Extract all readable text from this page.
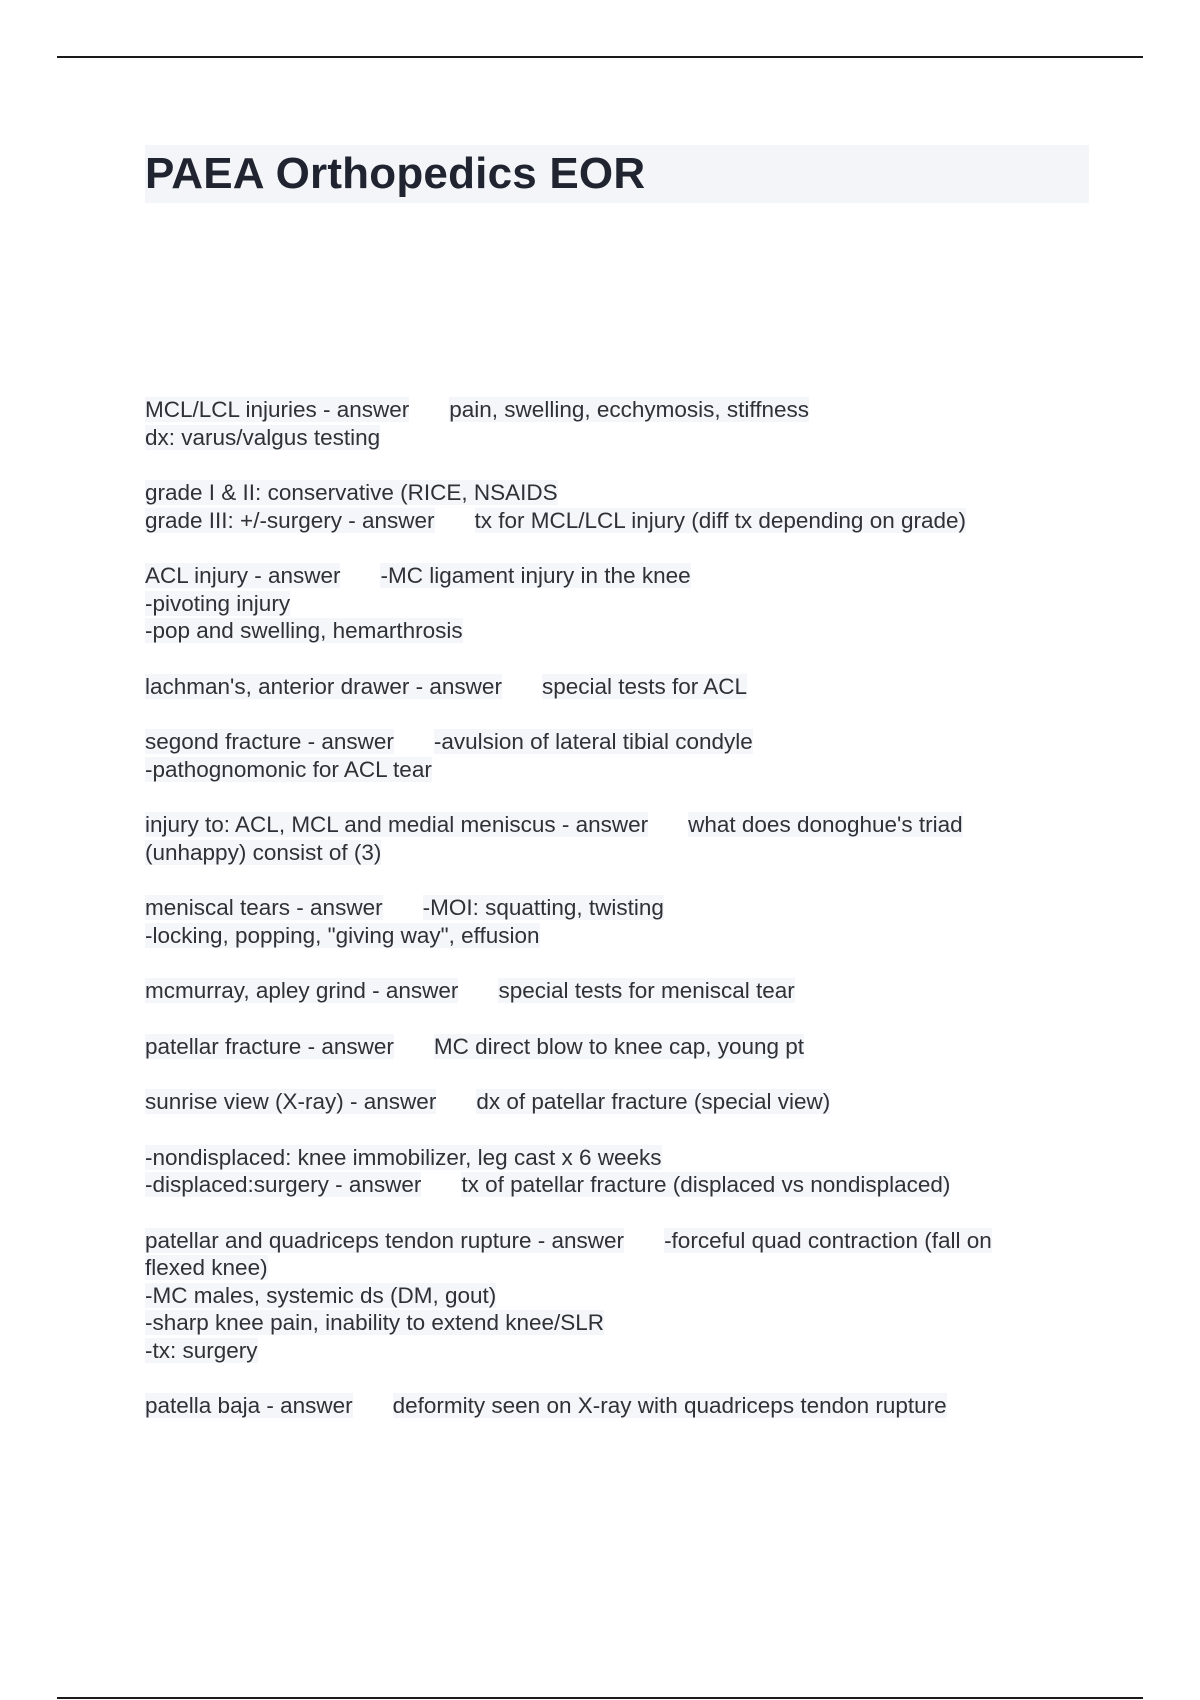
PAEA Orthopedics EOR
MCL/LCL injuries - answer pain, swelling, ecchymosis, stiffness
dx: varus/valgus testing
grade I & II: conservative (RICE, NSAIDS
grade III: +/-surgery - answer tx for MCL/LCL injury (diff tx depending on grade)
ACL injury - answer -MC ligament injury in the knee
-pivoting injury
-pop and swelling, hemarthrosis
lachman's, anterior drawer - answer special tests for ACL
segond fracture - answer -avulsion of lateral tibial condyle
-pathognomonic for ACL tear
injury to: ACL, MCL and medial meniscus - answer what does donoghue's triad
(unhappy) consist of (3)
meniscal tears - answer -MOI: squatting, twisting
-locking, popping, "giving way", effusion
mcmurray, apley grind - answer special tests for meniscal tear
patellar fracture - answer MC direct blow to knee cap, young pt
sunrise view (X-ray) - answer dx of patellar fracture (special view)
-nondisplaced: knee immobilizer, leg cast x 6 weeks
-displaced:surgery - answer tx of patellar fracture (displaced vs nondisplaced)
patellar and quadriceps tendon rupture - answer -forceful quad contraction (fall on
flexed knee)
-MC males, systemic ds (DM, gout)
-sharp knee pain, inability to extend knee/SLR
-tx: surgery
patella baja - answer deformity seen on X-ray with quadriceps tendon rupture
